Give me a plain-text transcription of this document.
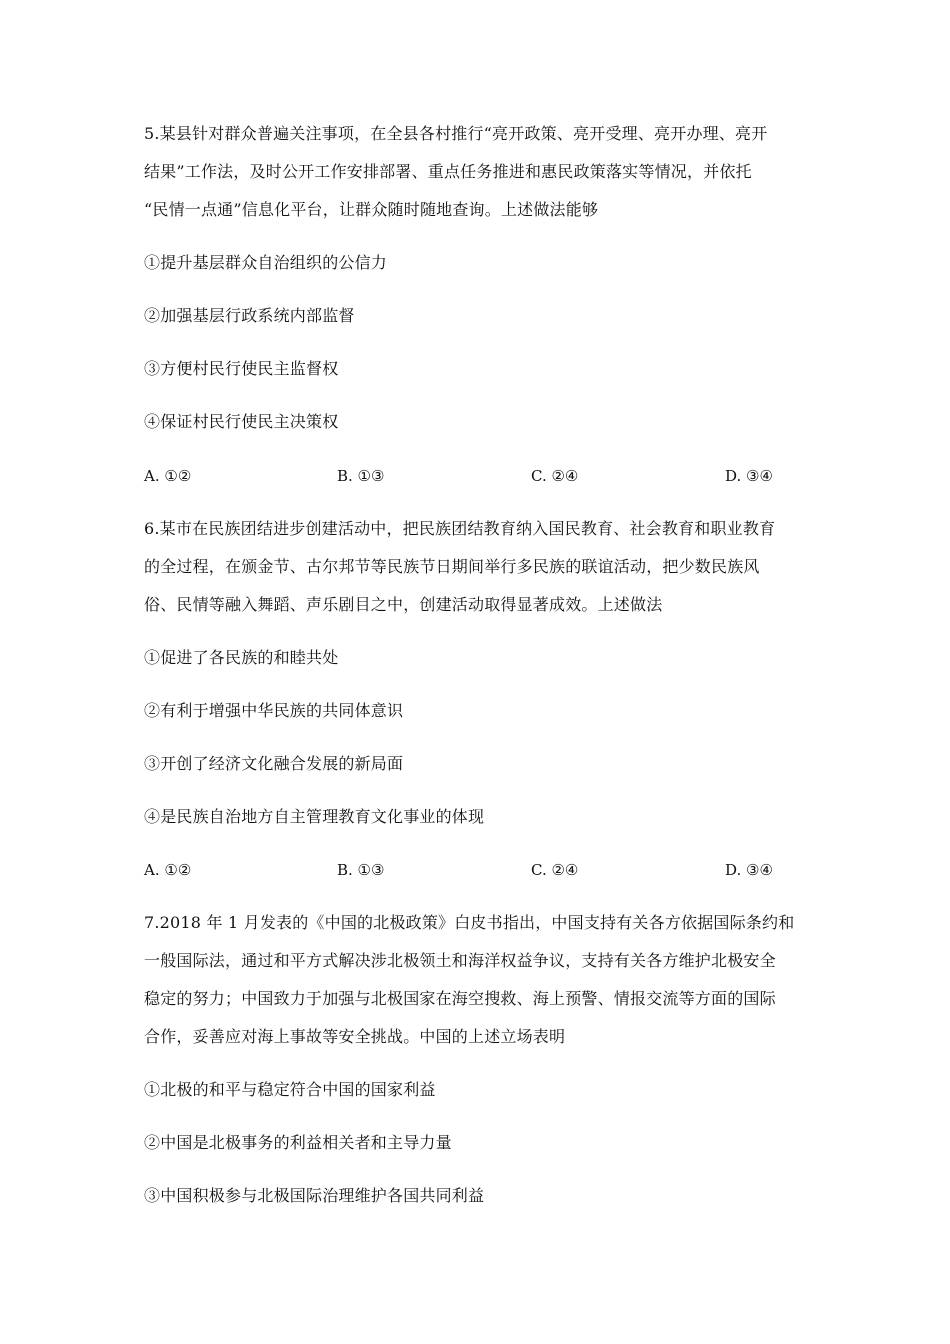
5.某县针对群众普遍关注事项，在全县各村推行“亮开政策、亮开受理、亮开办理、亮开
结果”工作法，及时公开工作安排部署、重点任务推进和惠民政策落实等情况，并依托
“民情一点通”信息化平台，让群众随时随地查询。上述做法能够
①提升基层群众自治组织的公信力
②加强基层行政系统内部监督
③方便村民行使民主监督权
④保证村民行使民主决策权
A. ①②	B. ①③	C. ②④	D. ③④
6.某市在民族团结进步创建活动中，把民族团结教育纳入国民教育、社会教育和职业教育
的全过程，在颁金节、古尔邦节等民族节日期间举行多民族的联谊活动，把少数民族风
俗、民情等融入舞蹈、声乐剧目之中，创建活动取得显著成效。上述做法
①促进了各民族的和睦共处
②有利于增强中华民族的共同体意识
③开创了经济文化融合发展的新局面
④是民族自治地方自主管理教育文化事业的体现
A. ①②	B. ①③	C. ②④	D. ③④
7.2018 年 1 月发表的《中国的北极政策》白皮书指出，中国支持有关各方依据国际条约和
一般国际法，通过和平方式解决涉北极领土和海洋权益争议，支持有关各方维护北极安全
稳定的努力；中国致力于加强与北极国家在海空搜救、海上预警、情报交流等方面的国际
合作，妥善应对海上事故等安全挑战。中国的上述立场表明
①北极的和平与稳定符合中国的国家利益
②中国是北极事务的利益相关者和主导力量
③中国积极参与北极国际治理维护各国共同利益
